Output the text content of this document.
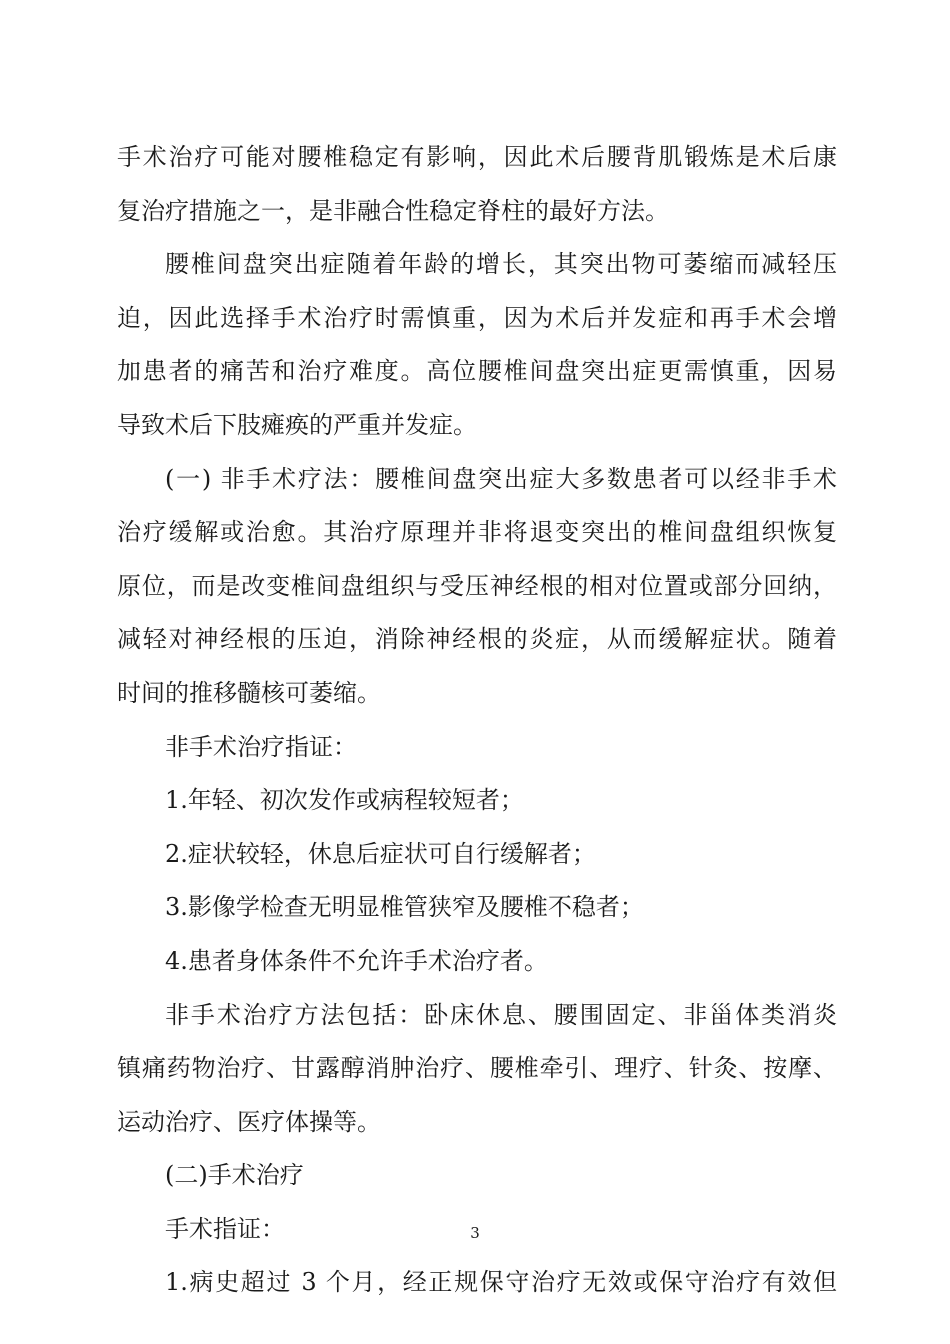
手术治疗可能对腰椎稳定有影响，因此术后腰背肌锻炼是术后康
复治疗措施之一，是非融合性稳定脊柱的最好方法。
腰椎间盘突出症随着年龄的增长，其突出物可萎缩而减轻压
迫，因此选择手术治疗时需慎重，因为术后并发症和再手术会增
加患者的痛苦和治疗难度。高位腰椎间盘突出症更需慎重，因易
导致术后下肢瘫痪的严重并发症。
(一) 非手术疗法：腰椎间盘突出症大多数患者可以经非手术
治疗缓解或治愈。其治疗原理并非将退变突出的椎间盘组织恢复
原位，而是改变椎间盘组织与受压神经根的相对位置或部分回纳，
减轻对神经根的压迫，消除神经根的炎症，从而缓解症状。随着
时间的推移髓核可萎缩。
非手术治疗指证：
1.年轻、初次发作或病程较短者；
2.症状较轻，休息后症状可自行缓解者；
3.影像学检查无明显椎管狭窄及腰椎不稳者；
4.患者身体条件不允许手术治疗者。
非手术治疗方法包括：卧床休息、腰围固定、非甾体类消炎
镇痛药物治疗、甘露醇消肿治疗、腰椎牵引、理疗、针灸、按摩、
运动治疗、医疗体操等。
(二)手术治疗
手术指证：
1.病史超过 3 个月，经正规保守治疗无效或保守治疗有效但
3
